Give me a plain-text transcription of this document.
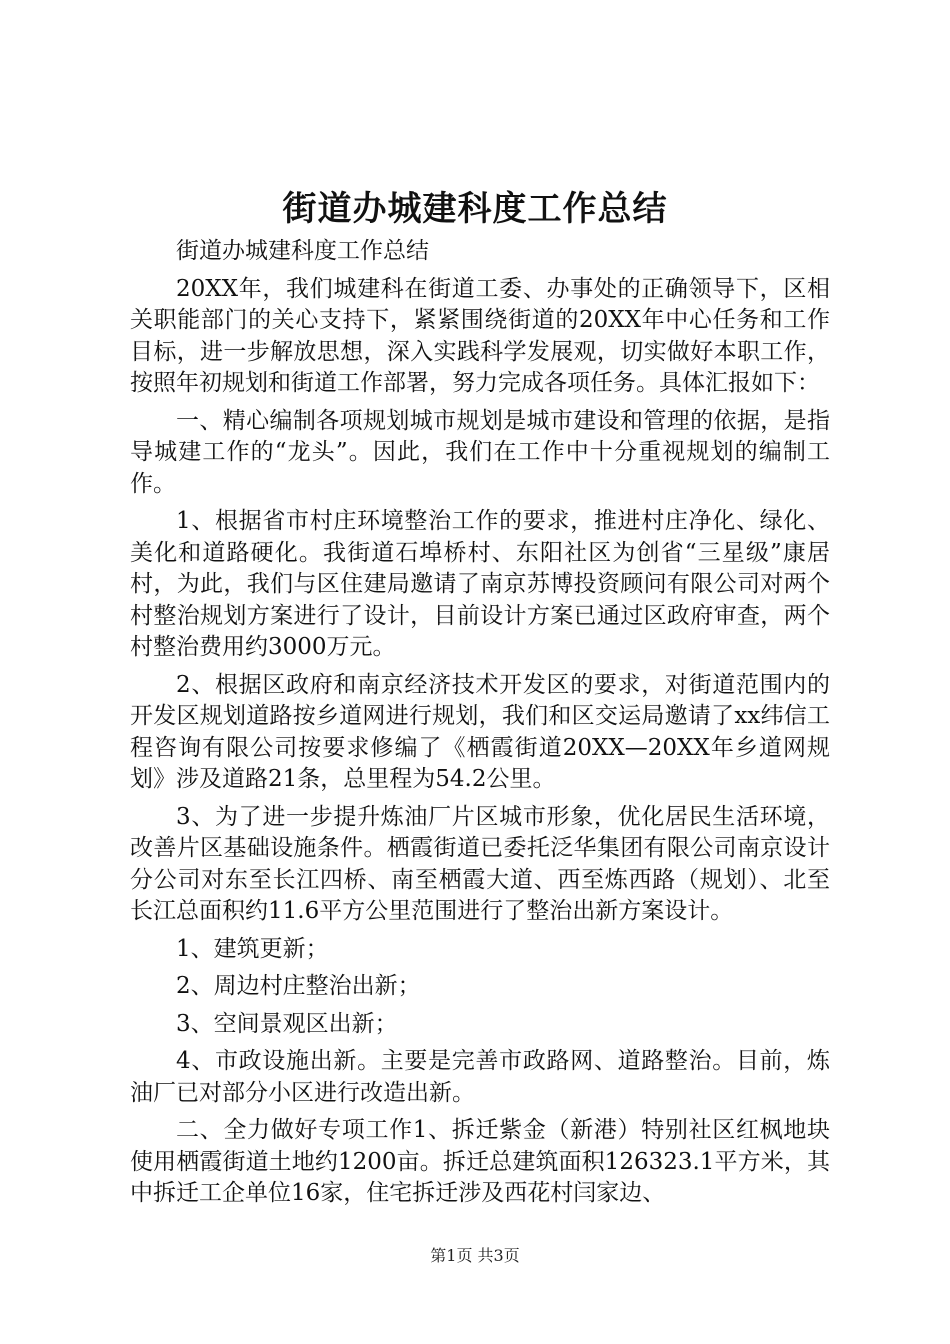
街道办城建科度工作总结

街道办城建科度工作总结

20XX年，我们城建科在街道工委、办事处的正确领导下，区相关职能部门的关心支持下，紧紧围绕街道的20XX年中心任务和工作目标，进一步解放思想，深入实践科学发展观，切实做好本职工作，按照年初规划和街道工作部署，努力完成各项任务。具体汇报如下：

一、精心编制各项规划城市规划是城市建设和管理的依据，是指导城建工作的“龙头”。因此，我们在工作中十分重视规划的编制工作。

1、根据省市村庄环境整治工作的要求，推进村庄净化、绿化、美化和道路硬化。我街道石埠桥村、东阳社区为创省“三星级”康居村，为此，我们与区住建局邀请了南京苏博投资顾问有限公司对两个村整治规划方案进行了设计，目前设计方案已通过区政府审查，两个村整治费用约3000万元。

2、根据区政府和南京经济技术开发区的要求，对街道范围内的开发区规划道路按乡道网进行规划，我们和区交运局邀请了xx纬信工程咨询有限公司按要求修编了《栖霞街道20XX—20XX年乡道网规划》涉及道路21条，总里程为54.2公里。

3、为了进一步提升炼油厂片区城市形象，优化居民生活环境，改善片区基础设施条件。栖霞街道已委托泛华集团有限公司南京设计分公司对东至长江四桥、南至栖霞大道、西至炼西路（规划）、北至长江总面积约11.6平方公里范围进行了整治出新方案设计。

1、建筑更新；

2、周边村庄整治出新；

3、空间景观区出新；

4、市政设施出新。主要是完善市政路网、道路整治。目前，炼油厂已对部分小区进行改造出新。

二、全力做好专项工作1、拆迁紫金（新港）特别社区红枫地块使用栖霞街道土地约1200亩。拆迁总建筑面积126323.1平方米，其中拆迁工企单位16家，住宅拆迁涉及西花村闫家边、

第1页 共3页
